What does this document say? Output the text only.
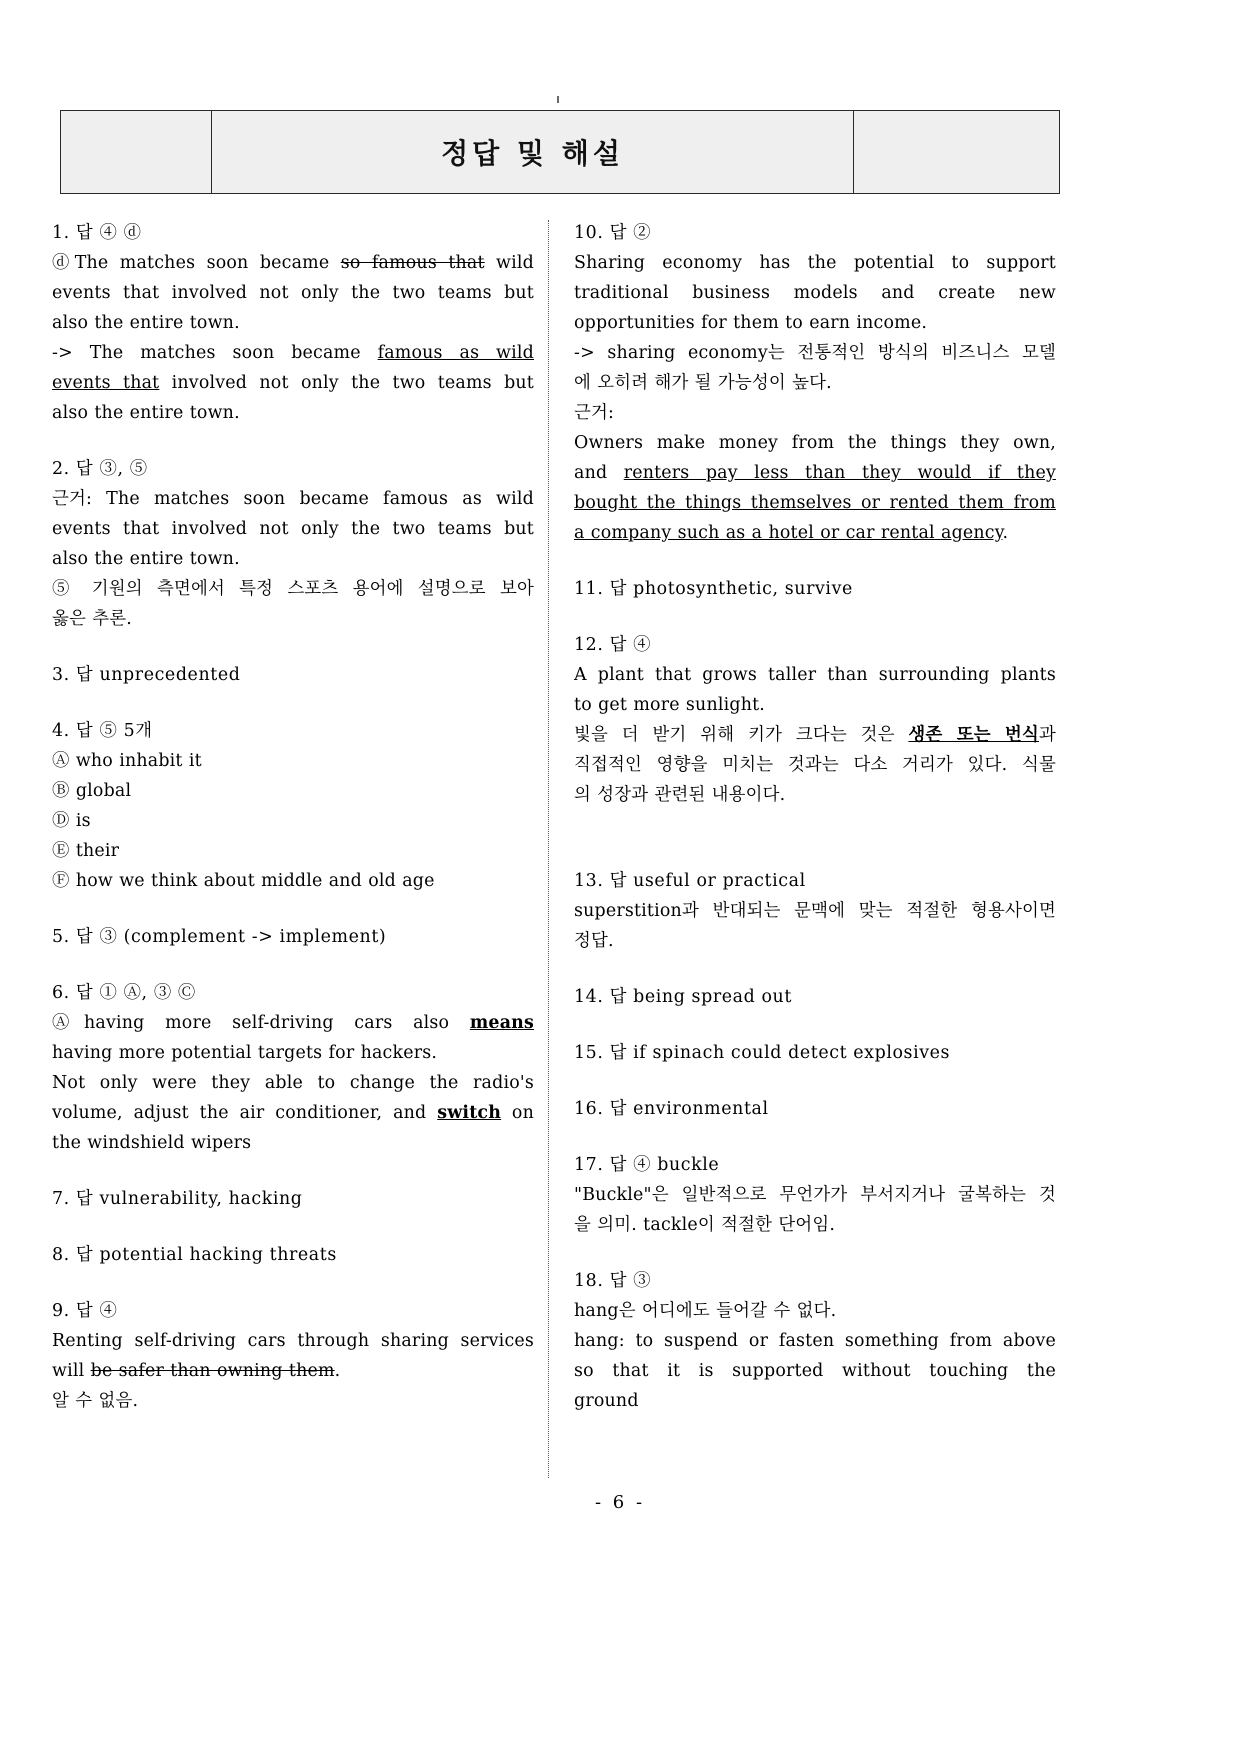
	정답 및 해설	

1. 답 ④ ⓓ

ⓓThe matches soon became so famous that wild

events that involved not only the two teams but

also the entire town.

-> The matches soon became famous as wild

events that involved not only the two teams but

also the entire town.

2. 답 ③, ⑤

근거: The matches soon became famous as wild

events that involved not only the two teams but

also the entire town.

⑤ 기원의 측면에서 특정 스포츠 용어에 설명으로 보아

옳은 추론.

3. 답 unprecedented

4. 답 ⑤ 5개

Ⓐ who inhabit it

Ⓑ global

Ⓓ is

Ⓔ their

Ⓕ how we think about middle and old age

5. 답 ③ (complement -> implement)

6. 답 ① Ⓐ, ③ Ⓒ

Ⓐhaving more self-driving cars also means

having more potential targets for hackers.

Not only were they able to change the radio's

volume, adjust the air conditioner, and switch on

the windshield wipers

7. 답 vulnerability, hacking

8. 답 potential hacking threats

9. 답 ④

Renting self-driving cars through sharing services

will be safer than owning them.

알 수 없음.

10. 답 ②

Sharing economy has the potential to support

traditional business models and create new

opportunities for them to earn income.

-> sharing economy는 전통적인 방식의 비즈니스 모델

에 오히려 해가 될 가능성이 높다.

근거:

Owners make money from the things they own,

and renters pay less than they would if they

bought the things themselves or rented them from

a company such as a hotel or car rental agency.

11. 답 photosynthetic, survive

12. 답 ④

A plant that grows taller than surrounding plants

to get more sunlight.

빛을 더 받기 위해 키가 크다는 것은 생존 또는 번식과

직접적인 영향을 미치는 것과는 다소 거리가 있다. 식물

의 성장과 관련된 내용이다.

13. 답 useful or practical

superstition과 반대되는 문맥에 맞는 적절한 형용사이면

정답.

14. 답 being spread out

15. 답 if spinach could detect explosives

16. 답 environmental

17. 답 ④ buckle

"Buckle"은 일반적으로 무언가가 부서지거나 굴복하는 것

을 의미. tackle이 적절한 단어임.

18. 답 ③

hang은 어디에도 들어갈 수 없다.

hang: to suspend or fasten something from above

so that it is supported without touching the

ground

- 6 -
